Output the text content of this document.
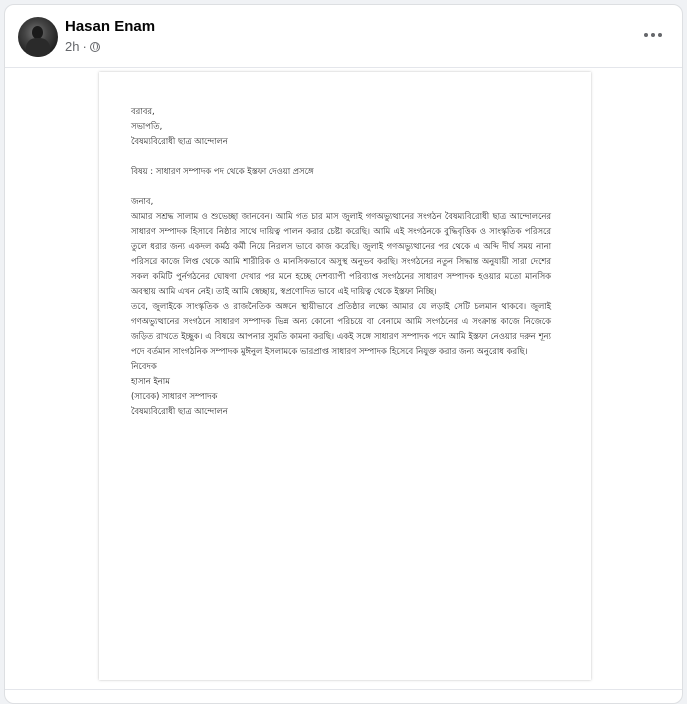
Hasan Enam
2h ·

বরাবর,

সভাপতি,

বৈষম্যবিরোধী ছাত্র আন্দোলন

বিষয় : সাধারণ সম্পাদক পদ থেকে ইস্তফা দেওয়া প্রসঙ্গে

জনাব,

আমার সশ্রদ্ধ সালাম ও শুভেচ্ছা জানবেন। আমি গত চার মাস জুলাই গণঅভ্যুত্থানের সংগঠন বৈষম্যবিরোধী ছাত্র আন্দোলনের সাধারণ সম্পাদক হিসাবে নিষ্ঠার সাথে দায়িত্ব পালন করার চেষ্টা করেছি। আমি এই সংগঠনকে বুদ্ধিবৃত্তিক ও সাংস্কৃতিক পরিসরে তুলে ধরার জন্য একদল কর্মঠ কর্মী নিয়ে নিরলস ভাবে কাজ করেছি। জুলাই গণঅভ্যুত্থানের পর থেকে এ অব্দি দীর্ঘ সময় নানা পরিসরে কাজে লিপ্ত থেকে আমি শারীরিক ও মানসিকভাবে অসুস্থ অনুভব করছি। সংগঠনের নতুন সিদ্ধান্ত অনুযায়ী সারা দেশের সকল কমিটি পুর্নগঠনের ঘোষণা দেখার পর মনে হচ্ছে দেশব্যাপী পরিব্যাপ্ত সংগঠনের সাধারণ সম্পাদক হওয়ার মতো মানসিক অবস্থায় আমি এখন নেই। তাই আমি স্বেচ্ছায়, স্বপ্রণোদিত ভাবে এই দায়িত্ব থেকে ইস্তফা নিচ্ছি।

তবে, জুলাইকে সাংস্কৃতিক ও রাজনৈতিক অঙ্গনে স্থায়ীভাবে প্রতিষ্ঠার লক্ষ্যে আমার যে লড়াই সেটি চলমান থাকবে। জুলাই গণঅভ্যুত্থানের সংগঠনে সাধারণ সম্পাদক ভিন্ন অন্য কোনো পরিচয়ে বা বেনামে আমি সংগঠনের এ সংক্রান্ত কাজে নিজেকে জড়িত রাখতে ইচ্ছুক। এ বিষয়ে আপনার সুমতি কামনা করছি। একই সঙ্গে সাধারণ সম্পাদক পদে আমি ইস্তফা নেওয়ার দরুন শূন্য পদে বর্তমান সাংগঠনিক সম্পাদক মুঈনুল ইসলামকে ভারপ্রাপ্ত সাধারণ সম্পাদক হিসেবে নিযুক্ত করার জন্য অনুরোধ করছি।

নিবেদক

হাসান ইনাম

(সাবেক) সাধারণ সম্পাদক

বৈষম্যবিরোধী ছাত্র আন্দোলন
